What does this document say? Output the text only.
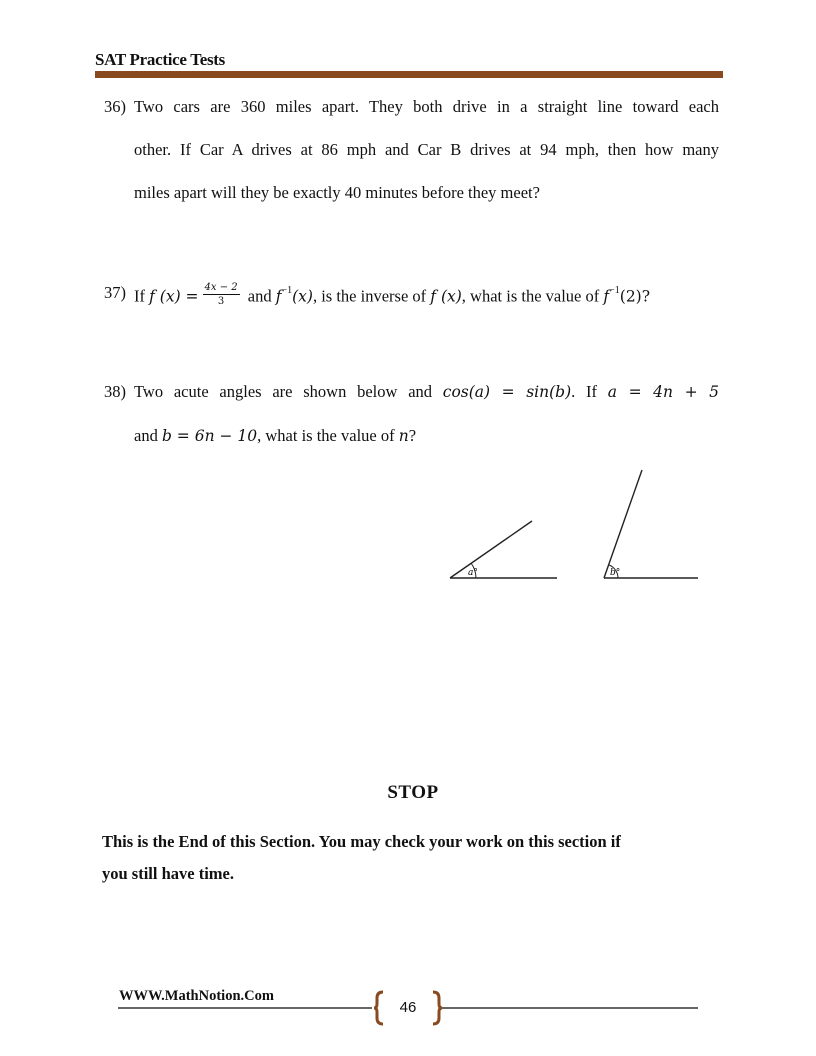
SAT Practice Tests
36) Two cars are 360 miles apart. They both drive in a straight line toward each
other. If Car A drives at 86 mph and Car B drives at 94 mph, then how many
miles apart will they be exactly 40 minutes before they meet?
37) If f $(x) = \frac{4x - 2}{3}$ and $f^{-1}(x)$, is the inverse of f (x), what is the value of $f^{-1}(2)$?
38) Two acute angles are shown below and cos(a) = sin(b). If a = 4n + 5
and b = 6n − 10, what is the value of n?
a°	b°
STOP
This is the End of this Section. You may check your work on this section if
you still have time.
WWW.MathNotion.Com
46
